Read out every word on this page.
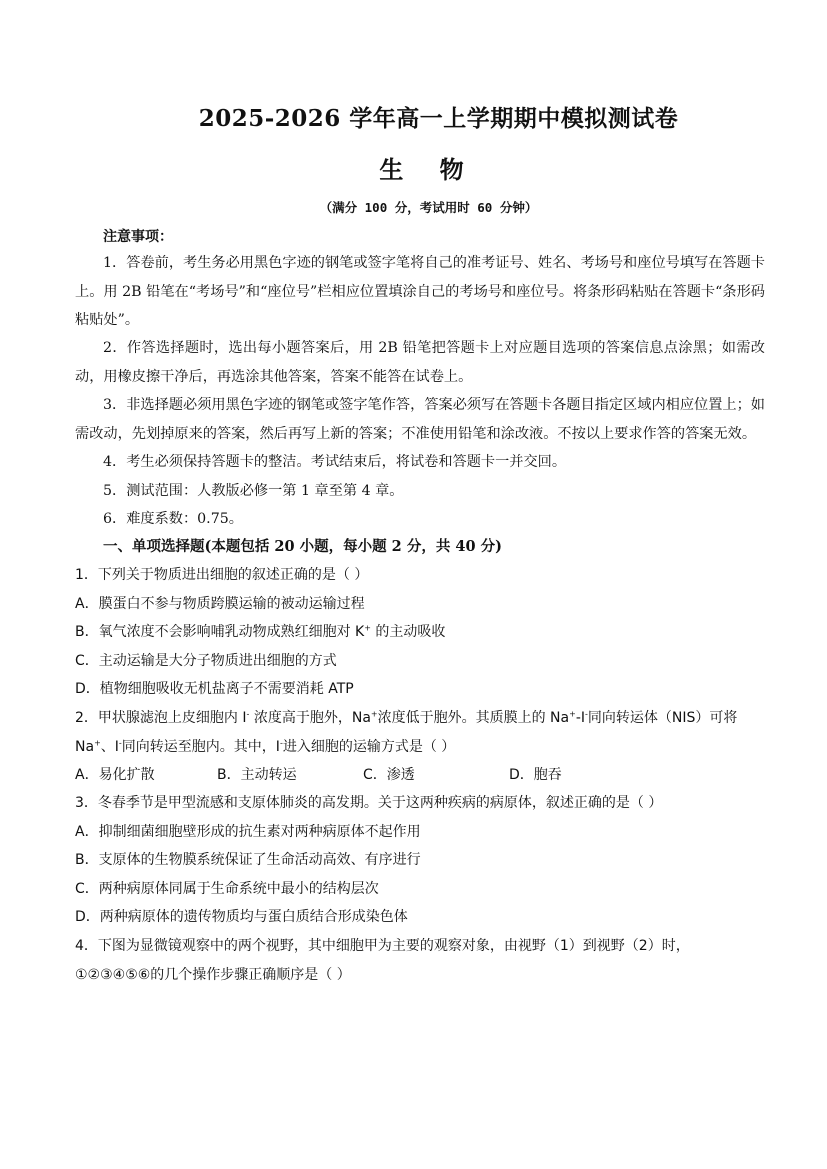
2025-2026 学年高一上学期期中模拟测试卷
生 物
（满分 100 分，考试用时 60 分钟）
注意事项：
1．答卷前，考生务必用黑色字迹的钢笔或签字笔将自己的准考证号、姓名、考场号和座位号填写在答题卡上。用 2B 铅笔在“考场号”和“座位号”栏相应位置填涂自己的考场号和座位号。将条形码粘贴在答题卡“条形码粘贴处”。
2．作答选择题时，选出每小题答案后，用 2B 铅笔把答题卡上对应题目选项的答案信息点涂黑；如需改动，用橡皮擦干净后，再选涂其他答案，答案不能答在试卷上。
3．非选择题必须用黑色字迹的钢笔或签字笔作答，答案必须写在答题卡各题目指定区域内相应位置上；如需改动，先划掉原来的答案，然后再写上新的答案；不准使用铅笔和涂改液。不按以上要求作答的答案无效。
4．考生必须保持答题卡的整洁。考试结束后，将试卷和答题卡一并交回。
5．测试范围：人教版必修一第 1 章至第 4 章。
6．难度系数：0.75。
一、单项选择题(本题包括 20 小题，每小题 2 分，共 40 分)
1．下列关于物质进出细胞的叙述正确的是（ ）
A．膜蛋白不参与物质跨膜运输的被动运输过程
B．氧气浓度不会影响哺乳动物成熟红细胞对 K+ 的主动吸收
C．主动运输是大分子物质进出细胞的方式
D．植物细胞吸收无机盐离子不需要消耗 ATP
2．甲状腺滤泡上皮细胞内 I- 浓度高于胞外，Na+浓度低于胞外。其质膜上的 Na+-I-同向转运体（NIS）可将
Na+、I-同向转运至胞内。其中，I-进入细胞的运输方式是（ ）
A．易化扩散	B．主动转运	C．渗透	D．胞吞
3．冬春季节是甲型流感和支原体肺炎的高发期。关于这两种疾病的病原体，叙述正确的是（ ）
A．抑制细菌细胞壁形成的抗生素对两种病原体不起作用
B．支原体的生物膜系统保证了生命活动高效、有序进行
C．两种病原体同属于生命系统中最小的结构层次
D．两种病原体的遗传物质均与蛋白质结合形成染色体
4．下图为显微镜观察中的两个视野，其中细胞甲为主要的观察对象，由视野（1）到视野（2）时，
①②③④⑤⑥的几个操作步骤正确顺序是（ ）
